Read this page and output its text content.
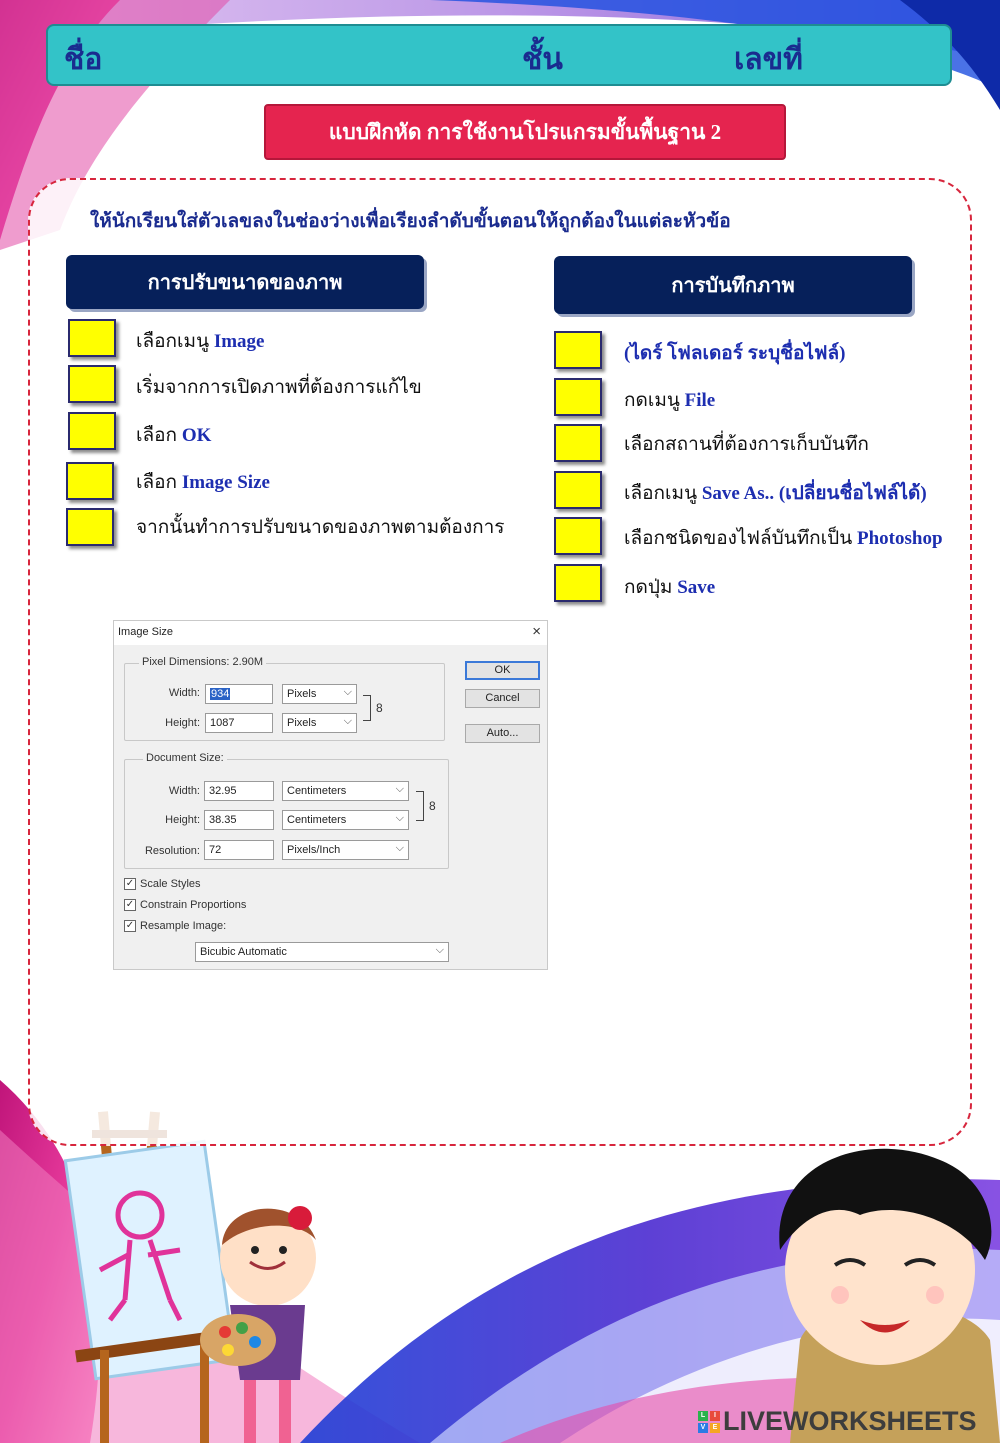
ชื่อ	ชั้น	เลขที่
แบบฝึกหัด การใช้งานโปรแกรมขั้นพื้นฐาน 2
ให้นักเรียนใส่ตัวเลขลงในช่องว่างเพื่อเรียงลำดับขั้นตอนให้ถูกต้องในแต่ละหัวข้อ
การปรับขนาดของภาพ
เลือกเมนู Image
เริ่มจากการเปิดภาพที่ต้องการแก้ไข
เลือก OK
เลือก Image Size
จากนั้นทำการปรับขนาดของภาพตามต้องการ
การบันทึกภาพ
(ไดร์ โฟลเดอร์ ระบุชื่อไฟล์)
กดเมนู File
เลือกสถานที่ต้องการเก็บบันทึก
เลือกเมนู Save As.. (เปลี่ยนชื่อไฟล์ได้)
เลือกชนิดของไฟล์บันทึกเป็น Photoshop
กดปุ่ม Save
Image Size	×
Pixel Dimensions: 2.90M
Width:	934	Pixels ⌵
Height: 1087	Pixels ⌵
8
Document Size:
Width: 32.95	Centimeters	⌵
Height: 38.35	Centimeters	⌵
8
Resolution: 72	Pixels/Inch	⌵
OK
Cancel
Auto...
✓ Scale Styles
✓ Constrain Proportions
✓ Resample Image:
Bicubic Automatic	⌵
L	I
V	E LIVEWORKSHEETS
